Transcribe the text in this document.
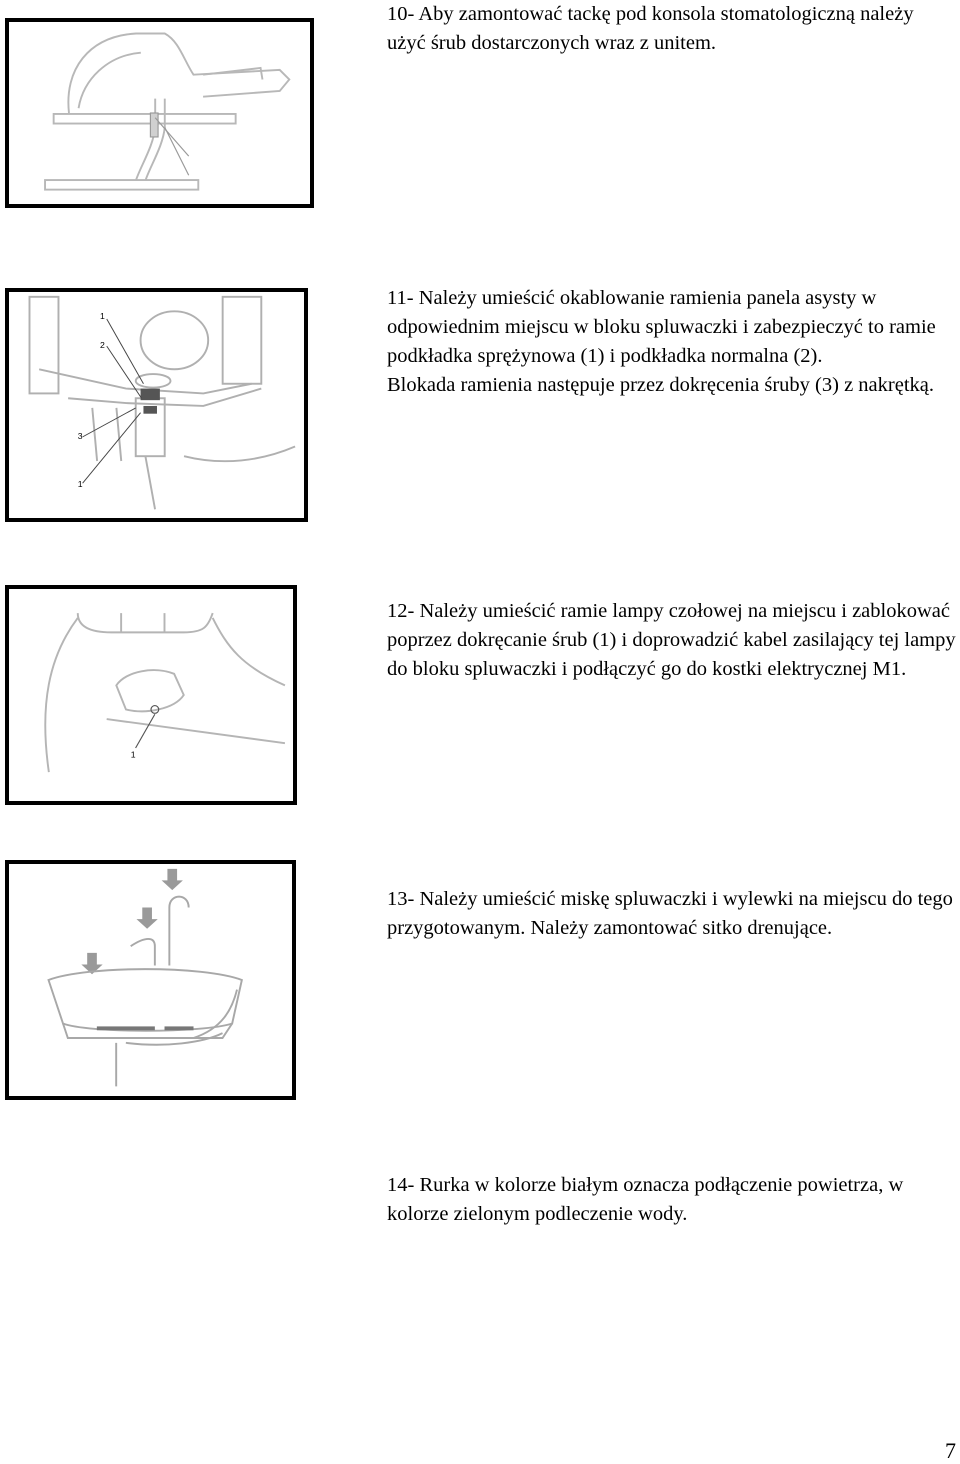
10- Aby zamontować tackę pod konsola stomatologiczną należy użyć śrub dostarczonych wraz z unitem.
1
2
3
1
11- Należy umieścić okablowanie ramienia panela asysty w odpowiednim miejscu w bloku spluwaczki i zabezpieczyć to ramie podkładka sprężynowa (1) i podkładka normalna (2).
Blokada ramienia następuje przez dokręcenia śruby (3) z nakrętką.
1
12- Należy umieścić ramie lampy czołowej na miejscu i zablokować poprzez dokręcanie śrub (1) i doprowadzić kabel zasilający tej lampy do bloku spluwaczki i podłączyć go do kostki elektrycznej M1.
13- Należy umieścić miskę spluwaczki i wylewki na miejscu do tego przygotowanym. Należy zamontować sitko drenujące.
14- Rurka w kolorze białym oznacza podłączenie powietrza, w kolorze zielonym podleczenie wody.
7
